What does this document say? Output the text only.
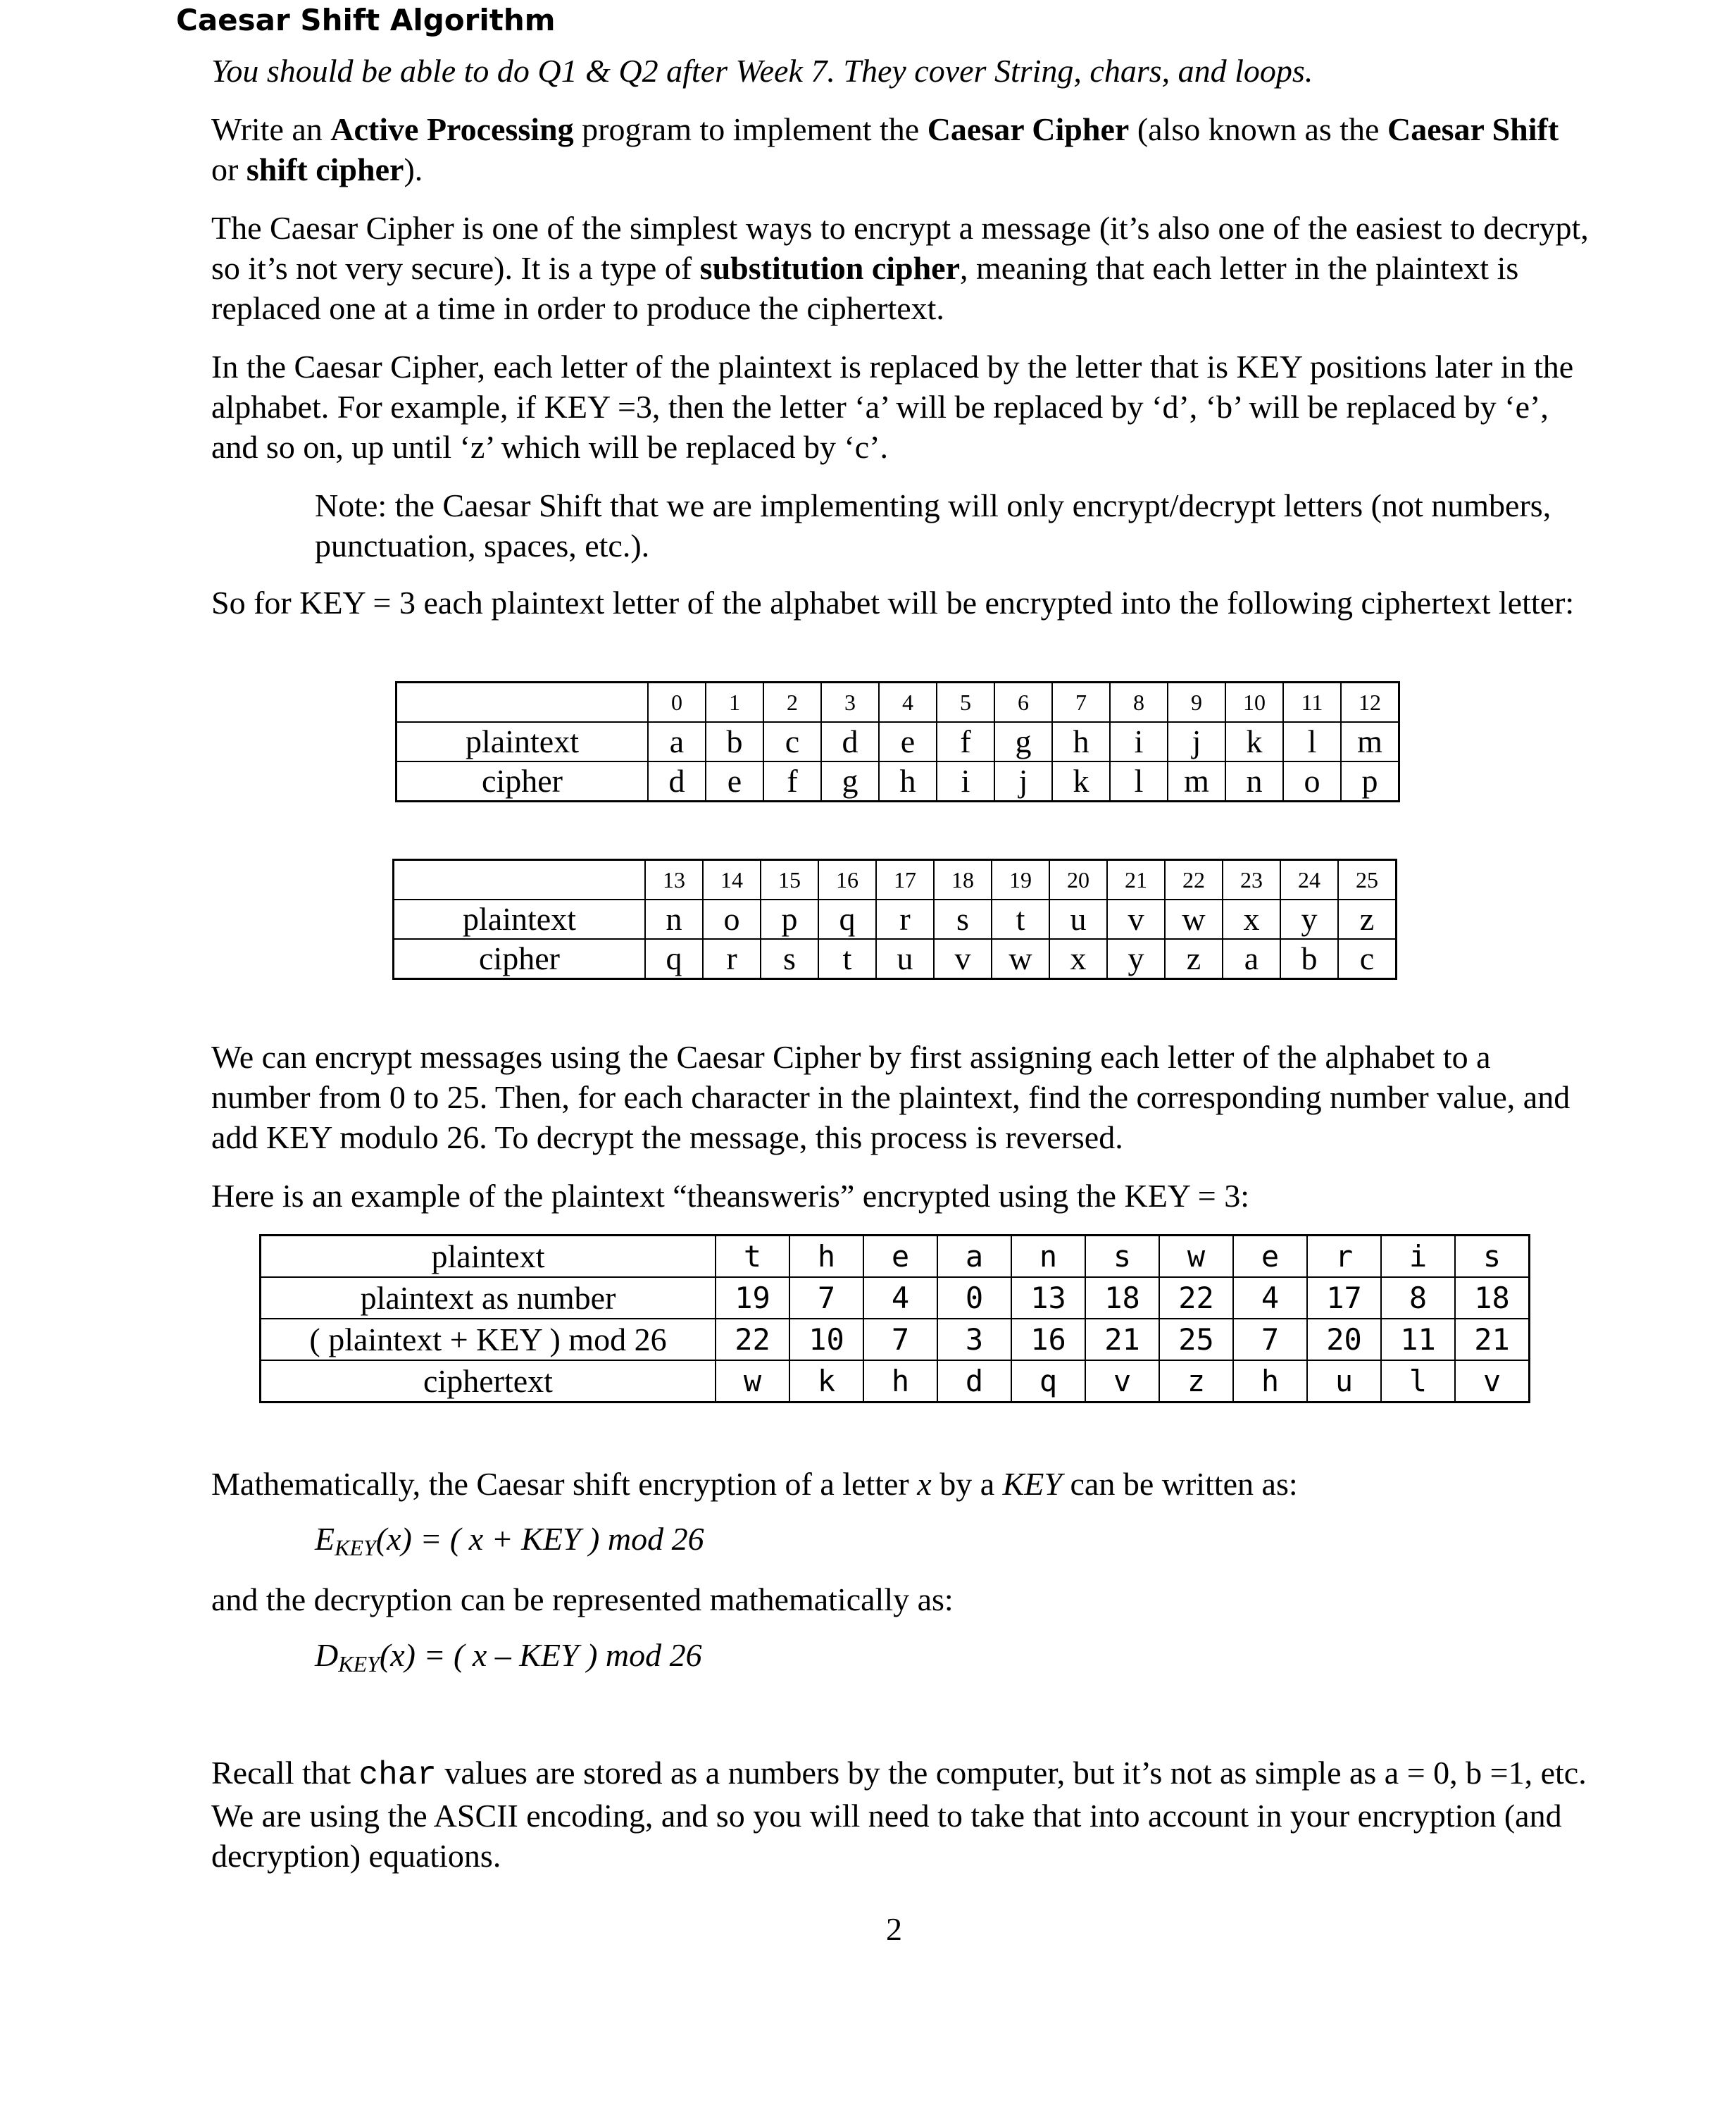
Caesar Shift Algorithm

You should be able to do Q1 & Q2 after Week 7. They cover String, chars, and loops.

Write an Active Processing program to implement the Caesar Cipher (also known as the Caesar Shift or shift cipher).

The Caesar Cipher is one of the simplest ways to encrypt a message (it’s also one of the easiest to decrypt, so it’s not very secure). It is a type of substitution cipher, meaning that each letter in the plaintext is replaced one at a time in order to produce the ciphertext.

In the Caesar Cipher, each letter of the plaintext is replaced by the letter that is KEY positions later in the alphabet. For example, if KEY =3, then the letter ‘a’ will be replaced by ‘d’, ‘b’ will be replaced by ‘e’, and so on, up until ‘z’ which will be replaced by ‘c’.

Note: the Caesar Shift that we are implementing will only encrypt/decrypt letters (not numbers, punctuation, spaces, etc.).

So for KEY = 3 each plaintext letter of the alphabet will be encrypted into the following ciphertext letter:

	0	1	2	3	4	5	6	7	8	9	10	11	12
plaintext	a	b	c	d	e	f	g	h	i	j	k	l	m
cipher	d	e	f	g	h	i	j	k	l	m	n	o	p
	13	14	15	16	17	18	19	20	21	22	23	24	25
plaintext	n	o	p	q	r	s	t	u	v	w	x	y	z
cipher	q	r	s	t	u	v	w	x	y	z	a	b	c

We can encrypt messages using the Caesar Cipher by first assigning each letter of the alphabet to a number from 0 to 25. Then, for each character in the plaintext, find the corresponding number value, and add KEY modulo 26. To decrypt the message, this process is reversed.

Here is an example of the plaintext “theansweris” encrypted using the KEY = 3:

plaintext	t	h	e	a	n	s	w	e	r	i	s
plaintext as number	19	7	4	0	13	18	22	4	17	8	18
( plaintext + KEY ) mod 26	22	10	7	3	16	21	25	7	20	11	21
ciphertext	w	k	h	d	q	v	z	h	u	l	v

Mathematically, the Caesar shift encryption of a letter x by a KEY can be written as:

EKEY(x) = ( x + KEY ) mod 26

and the decryption can be represented mathematically as:

DKEY(x) = ( x – KEY ) mod 26

Recall that char values are stored as a numbers by the computer, but it’s not as simple as a = 0, b =1, etc. We are using the ASCII encoding, and so you will need to take that into account in your encryption (and decryption) equations.

2
